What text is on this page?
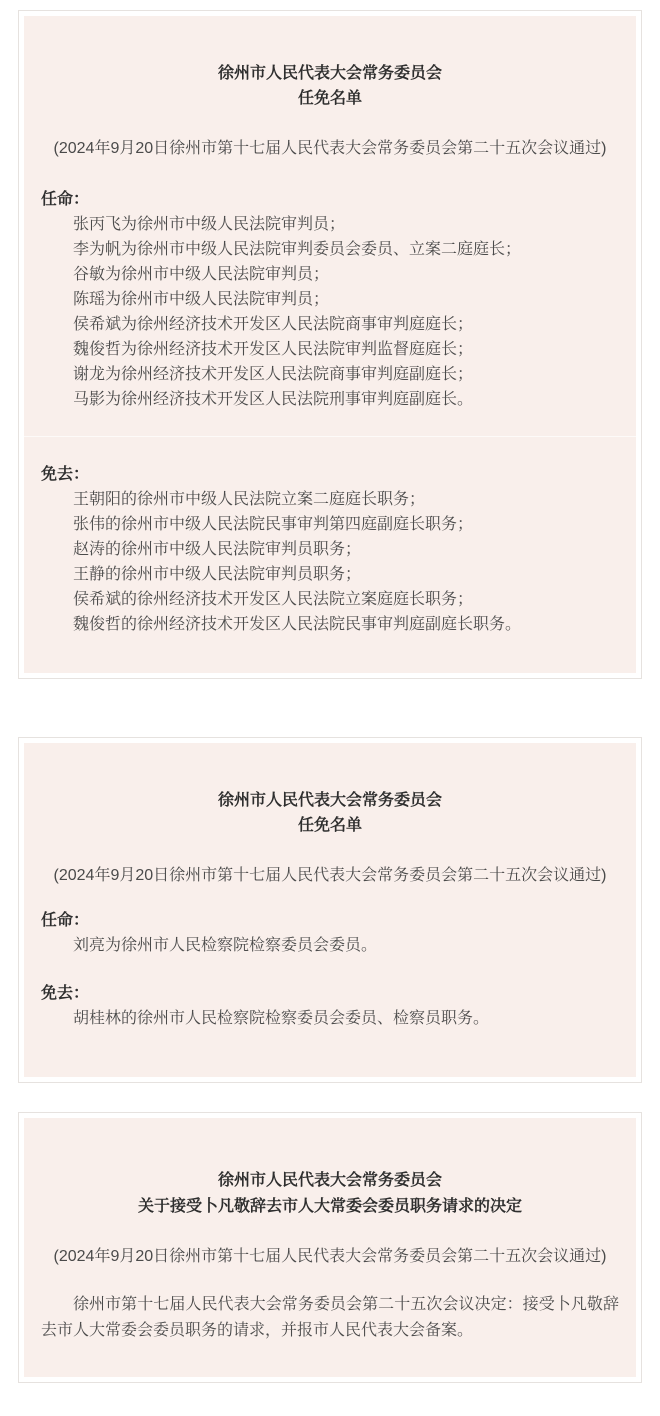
徐州市人民代表大会常务委员会
任免名单

(2024年9月20日徐州市第十七届人民代表大会常务委员会第二十五次会议通过)

任命：

张丙飞为徐州市中级人民法院审判员；

李为帆为徐州市中级人民法院审判委员会委员、立案二庭庭长；

谷敏为徐州市中级人民法院审判员；

陈瑶为徐州市中级人民法院审判员；

侯希斌为徐州经济技术开发区人民法院商事审判庭庭长；

魏俊哲为徐州经济技术开发区人民法院审判监督庭庭长；

谢龙为徐州经济技术开发区人民法院商事审判庭副庭长；

马影为徐州经济技术开发区人民法院刑事审判庭副庭长。

免去：

王朝阳的徐州市中级人民法院立案二庭庭长职务；

张伟的徐州市中级人民法院民事审判第四庭副庭长职务；

赵涛的徐州市中级人民法院审判员职务；

王静的徐州市中级人民法院审判员职务；

侯希斌的徐州经济技术开发区人民法院立案庭庭长职务；

魏俊哲的徐州经济技术开发区人民法院民事审判庭副庭长职务。

徐州市人民代表大会常务委员会
任免名单

(2024年9月20日徐州市第十七届人民代表大会常务委员会第二十五次会议通过)

任命：

刘亮为徐州市人民检察院检察委员会委员。

免去：

胡桂林的徐州市人民检察院检察委员会委员、检察员职务。

徐州市人民代表大会常务委员会
关于接受卜凡敬辞去市人大常委会委员职务请求的决定

(2024年9月20日徐州市第十七届人民代表大会常务委员会第二十五次会议通过)

徐州市第十七届人民代表大会常务委员会第二十五次会议决定：接受卜凡敬辞去市人大常委会委员职务的请求，并报市人民代表大会备案。
